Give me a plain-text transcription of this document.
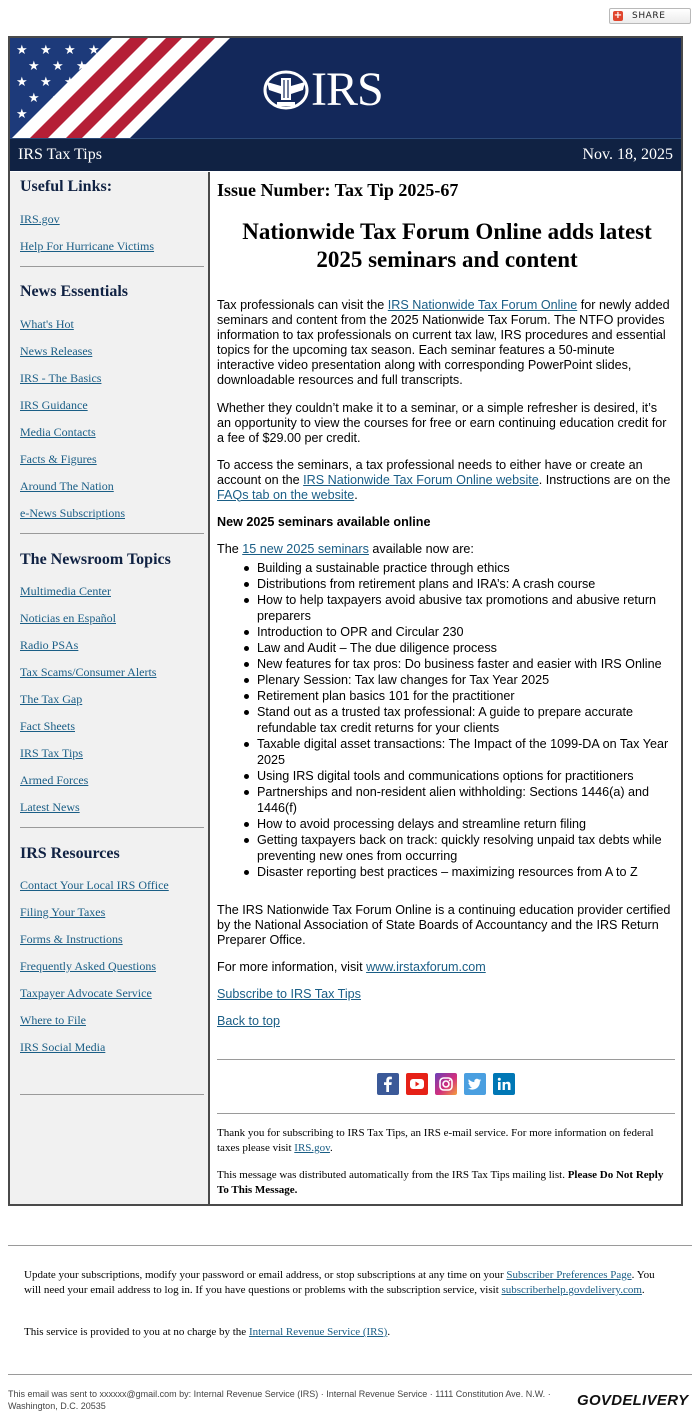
+ SHARE
★ ★ ★ ★
★ ★ ★
★ ★ ★
★ ★
★ ★
★
IRS
IRS Tax Tips	Nov. 18, 2025
Useful Links:
IRS.gov
Help For Hurricane Victims
News Essentials
What's Hot
News Releases
IRS - The Basics
IRS Guidance
Media Contacts
Facts & Figures
Around The Nation
e-News Subscriptions
The Newsroom Topics
Multimedia Center
Noticias en Español
Radio PSAs
Tax Scams/Consumer Alerts
The Tax Gap
Fact Sheets
IRS Tax Tips
Armed Forces
Latest News
IRS Resources
Contact Your Local IRS Office
Filing Your Taxes
Forms & Instructions
Frequently Asked Questions
Taxpayer Advocate Service
Where to File
IRS Social Media
Issue Number: Tax Tip 2025-67
Nationwide Tax Forum Online adds latest
2025 seminars and content

Tax professionals can visit the IRS Nationwide Tax Forum Online for newly added seminars and content from the 2025 Nationwide Tax Forum. The NTFO provides information to tax professionals on current tax law, IRS procedures and essential topics for the upcoming tax season. Each seminar features a 50-minute interactive video presentation along with corresponding PowerPoint slides, downloadable resources and full transcripts.

Whether they couldn’t make it to a seminar, or a simple refresher is desired, it’s an opportunity to view the courses for free or earn continuing education credit for a fee of $29.00 per credit.

To access the seminars, a tax professional needs to either have or create an account on the IRS Nationwide Tax Forum Online website. Instructions are on the FAQs tab on the website.

New 2025 seminars available online

The 15 new 2025 seminars available now are:

Building a sustainable practice through ethics
Distributions from retirement plans and IRA’s: A crash course
How to help taxpayers avoid abusive tax promotions and abusive return preparers
Introduction to OPR and Circular 230
Law and Audit – The due diligence process
New features for tax pros: Do business faster and easier with IRS Online
Plenary Session: Tax law changes for Tax Year 2025
Retirement plan basics 101 for the practitioner
Stand out as a trusted tax professional: A guide to prepare accurate refundable tax credit returns for your clients
Taxable digital asset transactions: The Impact of the 1099-DA on Tax Year 2025
Using IRS digital tools and communications options for practitioners
Partnerships and non-resident alien withholding: Sections 1446(a) and 1446(f)
How to avoid processing delays and streamline return filing
Getting taxpayers back on track: quickly resolving unpaid tax debts while preventing new ones from occurring
Disaster reporting best practices – maximizing resources from A to Z

The IRS Nationwide Tax Forum Online is a continuing education provider certified by the National Association of State Boards of Accountancy and the IRS Return Preparer Office.

For more information, visit www.irstaxforum.com

Subscribe to IRS Tax Tips

Back to top

Thank you for subscribing to IRS Tax Tips, an IRS e-mail service. For more information on federal taxes please visit IRS.gov.

This message was distributed automatically from the IRS Tax Tips mailing list. Please Do Not Reply To This Message.

Update your subscriptions, modify your password or email address, or stop subscriptions at any time on your Subscriber Preferences Page. You will need your email address to log in. If you have questions or problems with the subscription service, visit subscriberhelp.govdelivery.com.

This service is provided to you at no charge by the Internal Revenue Service (IRS).

This email was sent to xxxxxx@gmail.com by: Internal Revenue Service (IRS) · Internal Revenue Service · 1111 Constitution Ave. N.W. · Washington, D.C. 20535	GOVDELIVERY
